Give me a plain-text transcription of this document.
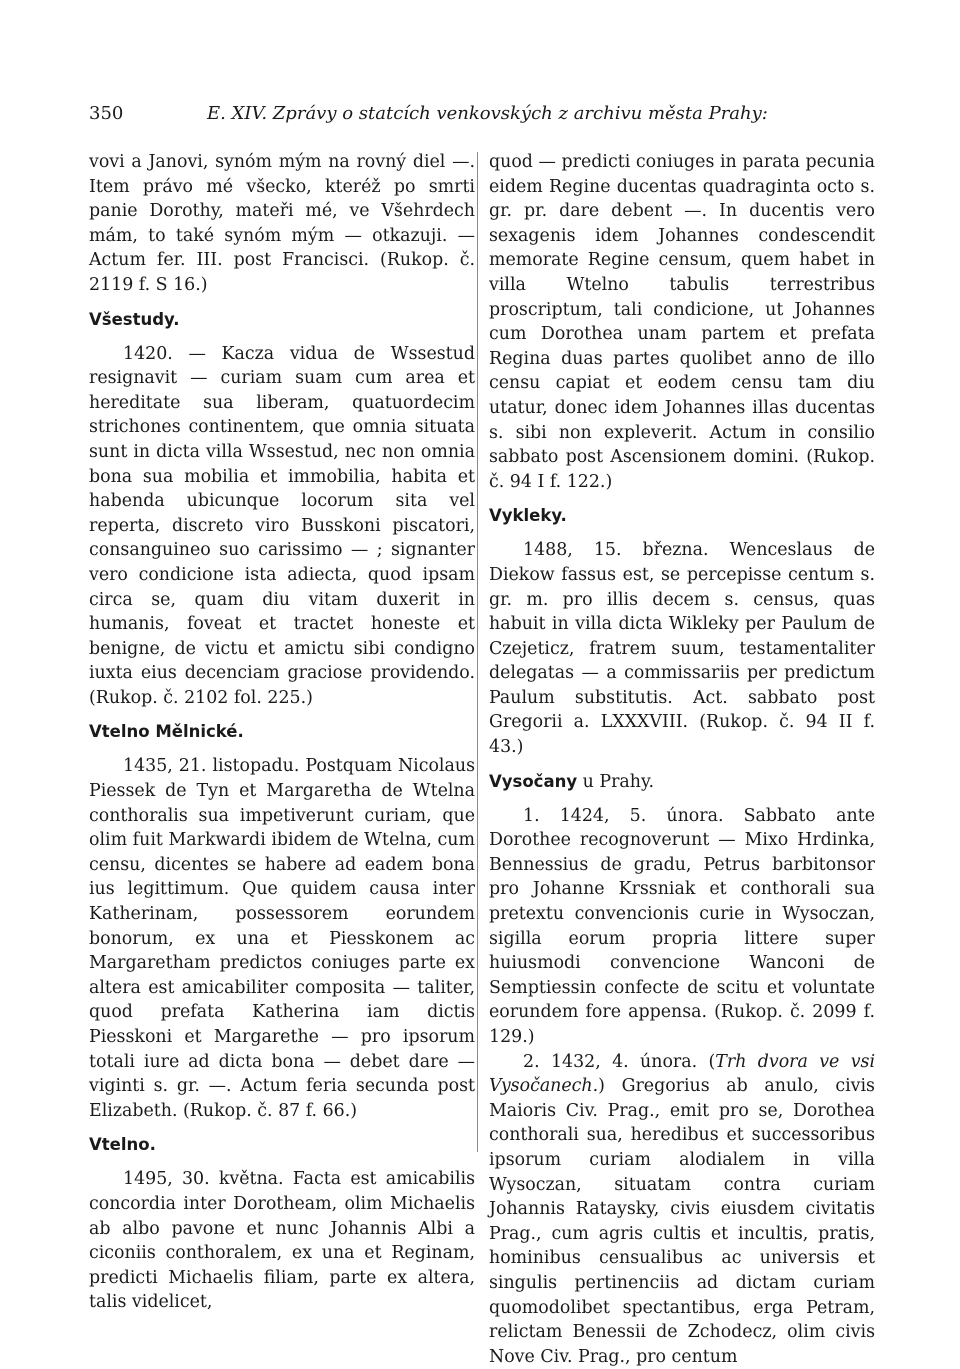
350	E. XIV. Zprávy o statcích venkovských z archivu města Prahy:

vovi a Janovi, synóm mým na rovný diel —. Item právo mé všecko, kteréž po smrti panie Dorothy, mateři mé, ve Všehrdech mám, to také synóm mým — otkazuji. — Actum fer. III. post Francisci. (Rukop. č. 2119 f. S 16.)

Všestudy.

1420. — Kacza vidua de Wssestud resignavit — curiam suam cum area et hereditate sua liberam, quatuordecim strichones continentem, que omnia situata sunt in dicta villa Wssestud, nec non omnia bona sua mobilia et immobilia, habita et habenda ubicunque locorum sita vel reperta, discreto viro Busskoni piscatori, consanguineo suo carissimo — ; signanter vero condicione ista adiecta, quod ipsam circa se, quam diu vitam duxerit in humanis, foveat et tractet honeste et benigne, de victu et amictu sibi condigno iuxta eius decenciam graciose providendo. (Rukop. č. 2102 fol. 225.)

Vtelno Mělnické.

1435, 21. listopadu. Postquam Nicolaus Piessek de Tyn et Margaretha de Wtelna conthoralis sua impetiverunt curiam, que olim fuit Markwardi ibidem de Wtelna, cum censu, dicentes se habere ad eadem bona ius legittimum. Que quidem causa inter Katherinam, possessorem eorundem bonorum, ex una et Piesskonem ac Margaretham predictos coniuges parte ex altera est amicabiliter composita — taliter, quod prefata Katherina iam dictis Piesskoni et Margarethe — pro ipsorum totali iure ad dicta bona — debet dare — viginti s. gr. —. Actum feria secunda post Elizabeth. (Rukop. č. 87 f. 66.)

Vtelno.

1495, 30. května. Facta est amicabilis concordia inter Dorotheam, olim Michaelis ab albo pavone et nunc Johannis Albi a ciconiis conthoralem, ex una et Reginam, predicti Michaelis filiam, parte ex altera, talis videlicet,

quod — predicti coniuges in parata pecunia eidem Regine ducentas quadraginta octo s. gr. pr. dare debent —. In ducentis vero sexagenis idem Johannes condescendit memorate Regine censum, quem habet in villa Wtelno tabulis terrestribus proscriptum, tali condicione, ut Johannes cum Dorothea unam partem et prefata Regina duas partes quolibet anno de illo censu capiat et eodem censu tam diu utatur, donec idem Johannes illas ducentas s. sibi non expleverit. Actum in consilio sabbato post Ascensionem domini. (Rukop. č. 94 I f. 122.)

Vykleky.

1488, 15. března. Wenceslaus de Diekow fassus est, se percepisse centum s. gr. m. pro illis decem s. census, quas habuit in villa dicta Wikleky per Paulum de Czejeticz, fratrem suum, testamentaliter delegatas — a commissariis per predictum Paulum substitutis. Act. sabbato post Gregorii a. LXXXVIII. (Rukop. č. 94 II f. 43.)

Vysočany u Prahy.

1. 1424, 5. února. Sabbato ante Dorothee recognoverunt — Mixo Hrdinka, Bennessius de gradu, Petrus barbitonsor pro Johanne Krssniak et conthorali sua pretextu convencionis curie in Wysoczan, sigilla eorum propria littere super huiusmodi convencione Wanconi de Semptiessin confecte de scitu et voluntate eorundem fore appensa. (Rukop. č. 2099 f. 129.)

2. 1432, 4. února. (Trh dvora ve vsi Vysočanech.) Gregorius ab anulo, civis Maioris Civ. Prag., emit pro se, Dorothea conthorali sua, heredibus et successoribus ipsorum curiam alodialem in villa Wysoczan, situatam contra curiam Johannis Rataysky, civis eiusdem civitatis Prag., cum agris cultis et incultis, pratis, hominibus censualibus ac universis et singulis pertinenciis ad dictam curiam quomodolibet spectantibus, erga Petram, relictam Benessii de Zchodecz, olim civis Nove Civ. Prag., pro centum
